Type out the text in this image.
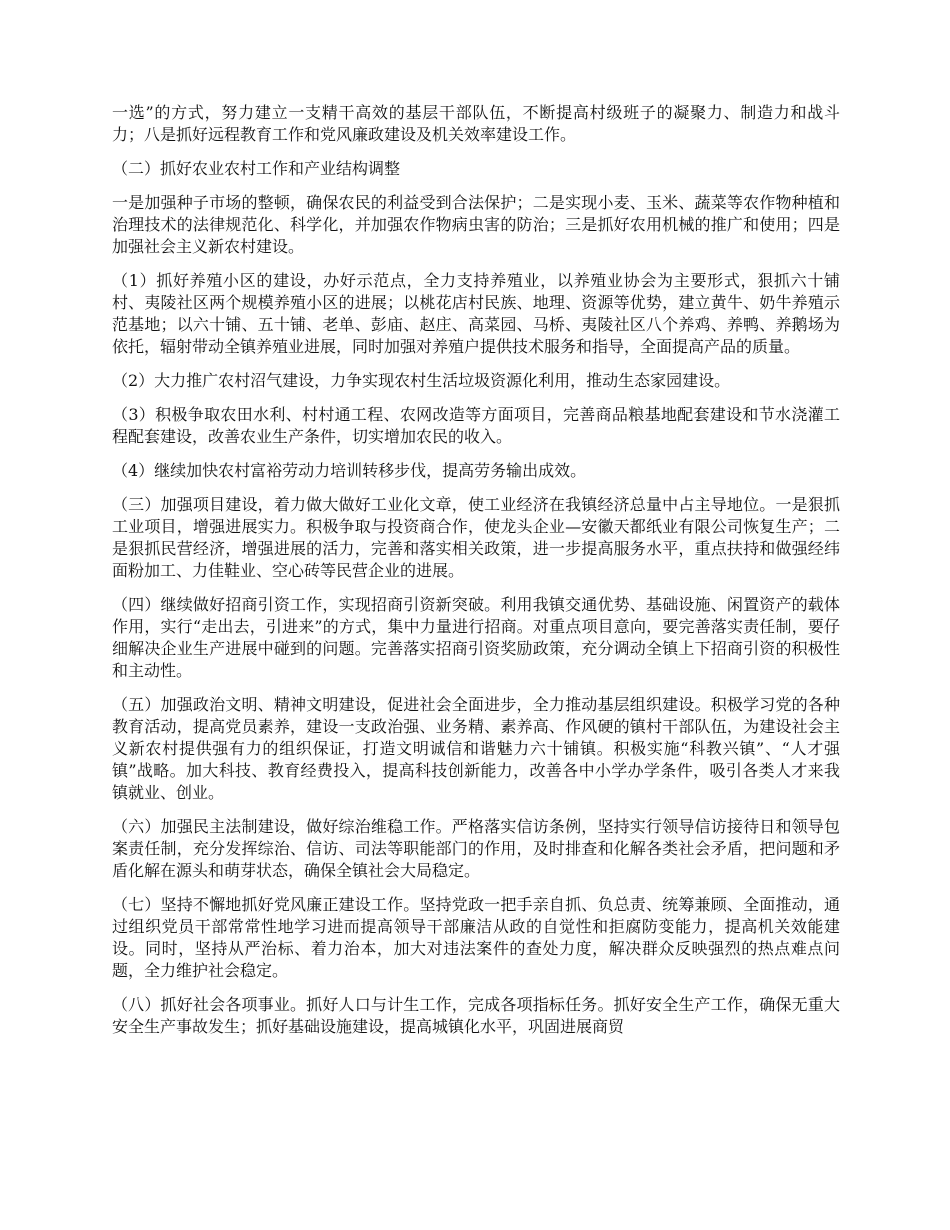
一选”的方式，努力建立一支精干高效的基层干部队伍，不断提高村级班子的凝聚力、制造力和战斗力；八是抓好远程教育工作和党风廉政建设及机关效率建设工作。

（二）抓好农业农村工作和产业结构调整

一是加强种子市场的整顿，确保农民的利益受到合法保护；二是实现小麦、玉米、蔬菜等农作物种植和治理技术的法律规范化、科学化，并加强农作物病虫害的防治；三是抓好农用机械的推广和使用；四是加强社会主义新农村建设。

（1）抓好养殖小区的建设，办好示范点，全力支持养殖业，以养殖业协会为主要形式，狠抓六十铺村、夷陵社区两个规模养殖小区的进展；以桃花店村民族、地理、资源等优势，建立黄牛、奶牛养殖示范基地；以六十铺、五十铺、老单、彭庙、赵庄、高菜园、马桥、夷陵社区八个养鸡、养鸭、养鹅场为依托，辐射带动全镇养殖业进展，同时加强对养殖户提供技术服务和指导，全面提高产品的质量。

（2）大力推广农村沼气建设，力争实现农村生活垃圾资源化利用，推动生态家园建设。

（3）积极争取农田水利、村村通工程、农网改造等方面项目，完善商品粮基地配套建设和节水浇灌工程配套建设，改善农业生产条件，切实增加农民的收入。

（4）继续加快农村富裕劳动力培训转移步伐，提高劳务输出成效。

（三）加强项目建设，着力做大做好工业化文章，使工业经济在我镇经济总量中占主导地位。一是狠抓工业项目，增强进展实力。积极争取与投资商合作，使龙头企业—安徽天都纸业有限公司恢复生产；二是狠抓民营经济，增强进展的活力，完善和落实相关政策，进一步提高服务水平，重点扶持和做强经纬面粉加工、力佳鞋业、空心砖等民营企业的进展。

（四）继续做好招商引资工作，实现招商引资新突破。利用我镇交通优势、基础设施、闲置资产的载体作用，实行“走出去，引进来”的方式，集中力量进行招商。对重点项目意向，要完善落实责任制，要仔细解决企业生产进展中碰到的问题。完善落实招商引资奖励政策，充分调动全镇上下招商引资的积极性和主动性。

（五）加强政治文明、精神文明建设，促进社会全面进步，全力推动基层组织建设。积极学习党的各种教育活动，提高党员素养，建设一支政治强、业务精、素养高、作风硬的镇村干部队伍，为建设社会主义新农村提供强有力的组织保证，打造文明诚信和谐魅力六十铺镇。积极实施“科教兴镇”、“人才强镇”战略。加大科技、教育经费投入，提高科技创新能力，改善各中小学办学条件，吸引各类人才来我镇就业、创业。

（六）加强民主法制建设，做好综治维稳工作。严格落实信访条例，坚持实行领导信访接待日和领导包案责任制，充分发挥综治、信访、司法等职能部门的作用，及时排查和化解各类社会矛盾，把问题和矛盾化解在源头和萌芽状态，确保全镇社会大局稳定。

（七）坚持不懈地抓好党风廉正建设工作。坚持党政一把手亲自抓、负总责、统筹兼顾、全面推动，通过组织党员干部常常性地学习进而提高领导干部廉洁从政的自觉性和拒腐防变能力，提高机关效能建设。同时，坚持从严治标、着力治本，加大对违法案件的查处力度，解决群众反映强烈的热点难点问题，全力维护社会稳定。

（八）抓好社会各项事业。抓好人口与计生工作，完成各项指标任务。抓好安全生产工作，确保无重大安全生产事故发生；抓好基础设施建设，提高城镇化水平，巩固进展商贸
